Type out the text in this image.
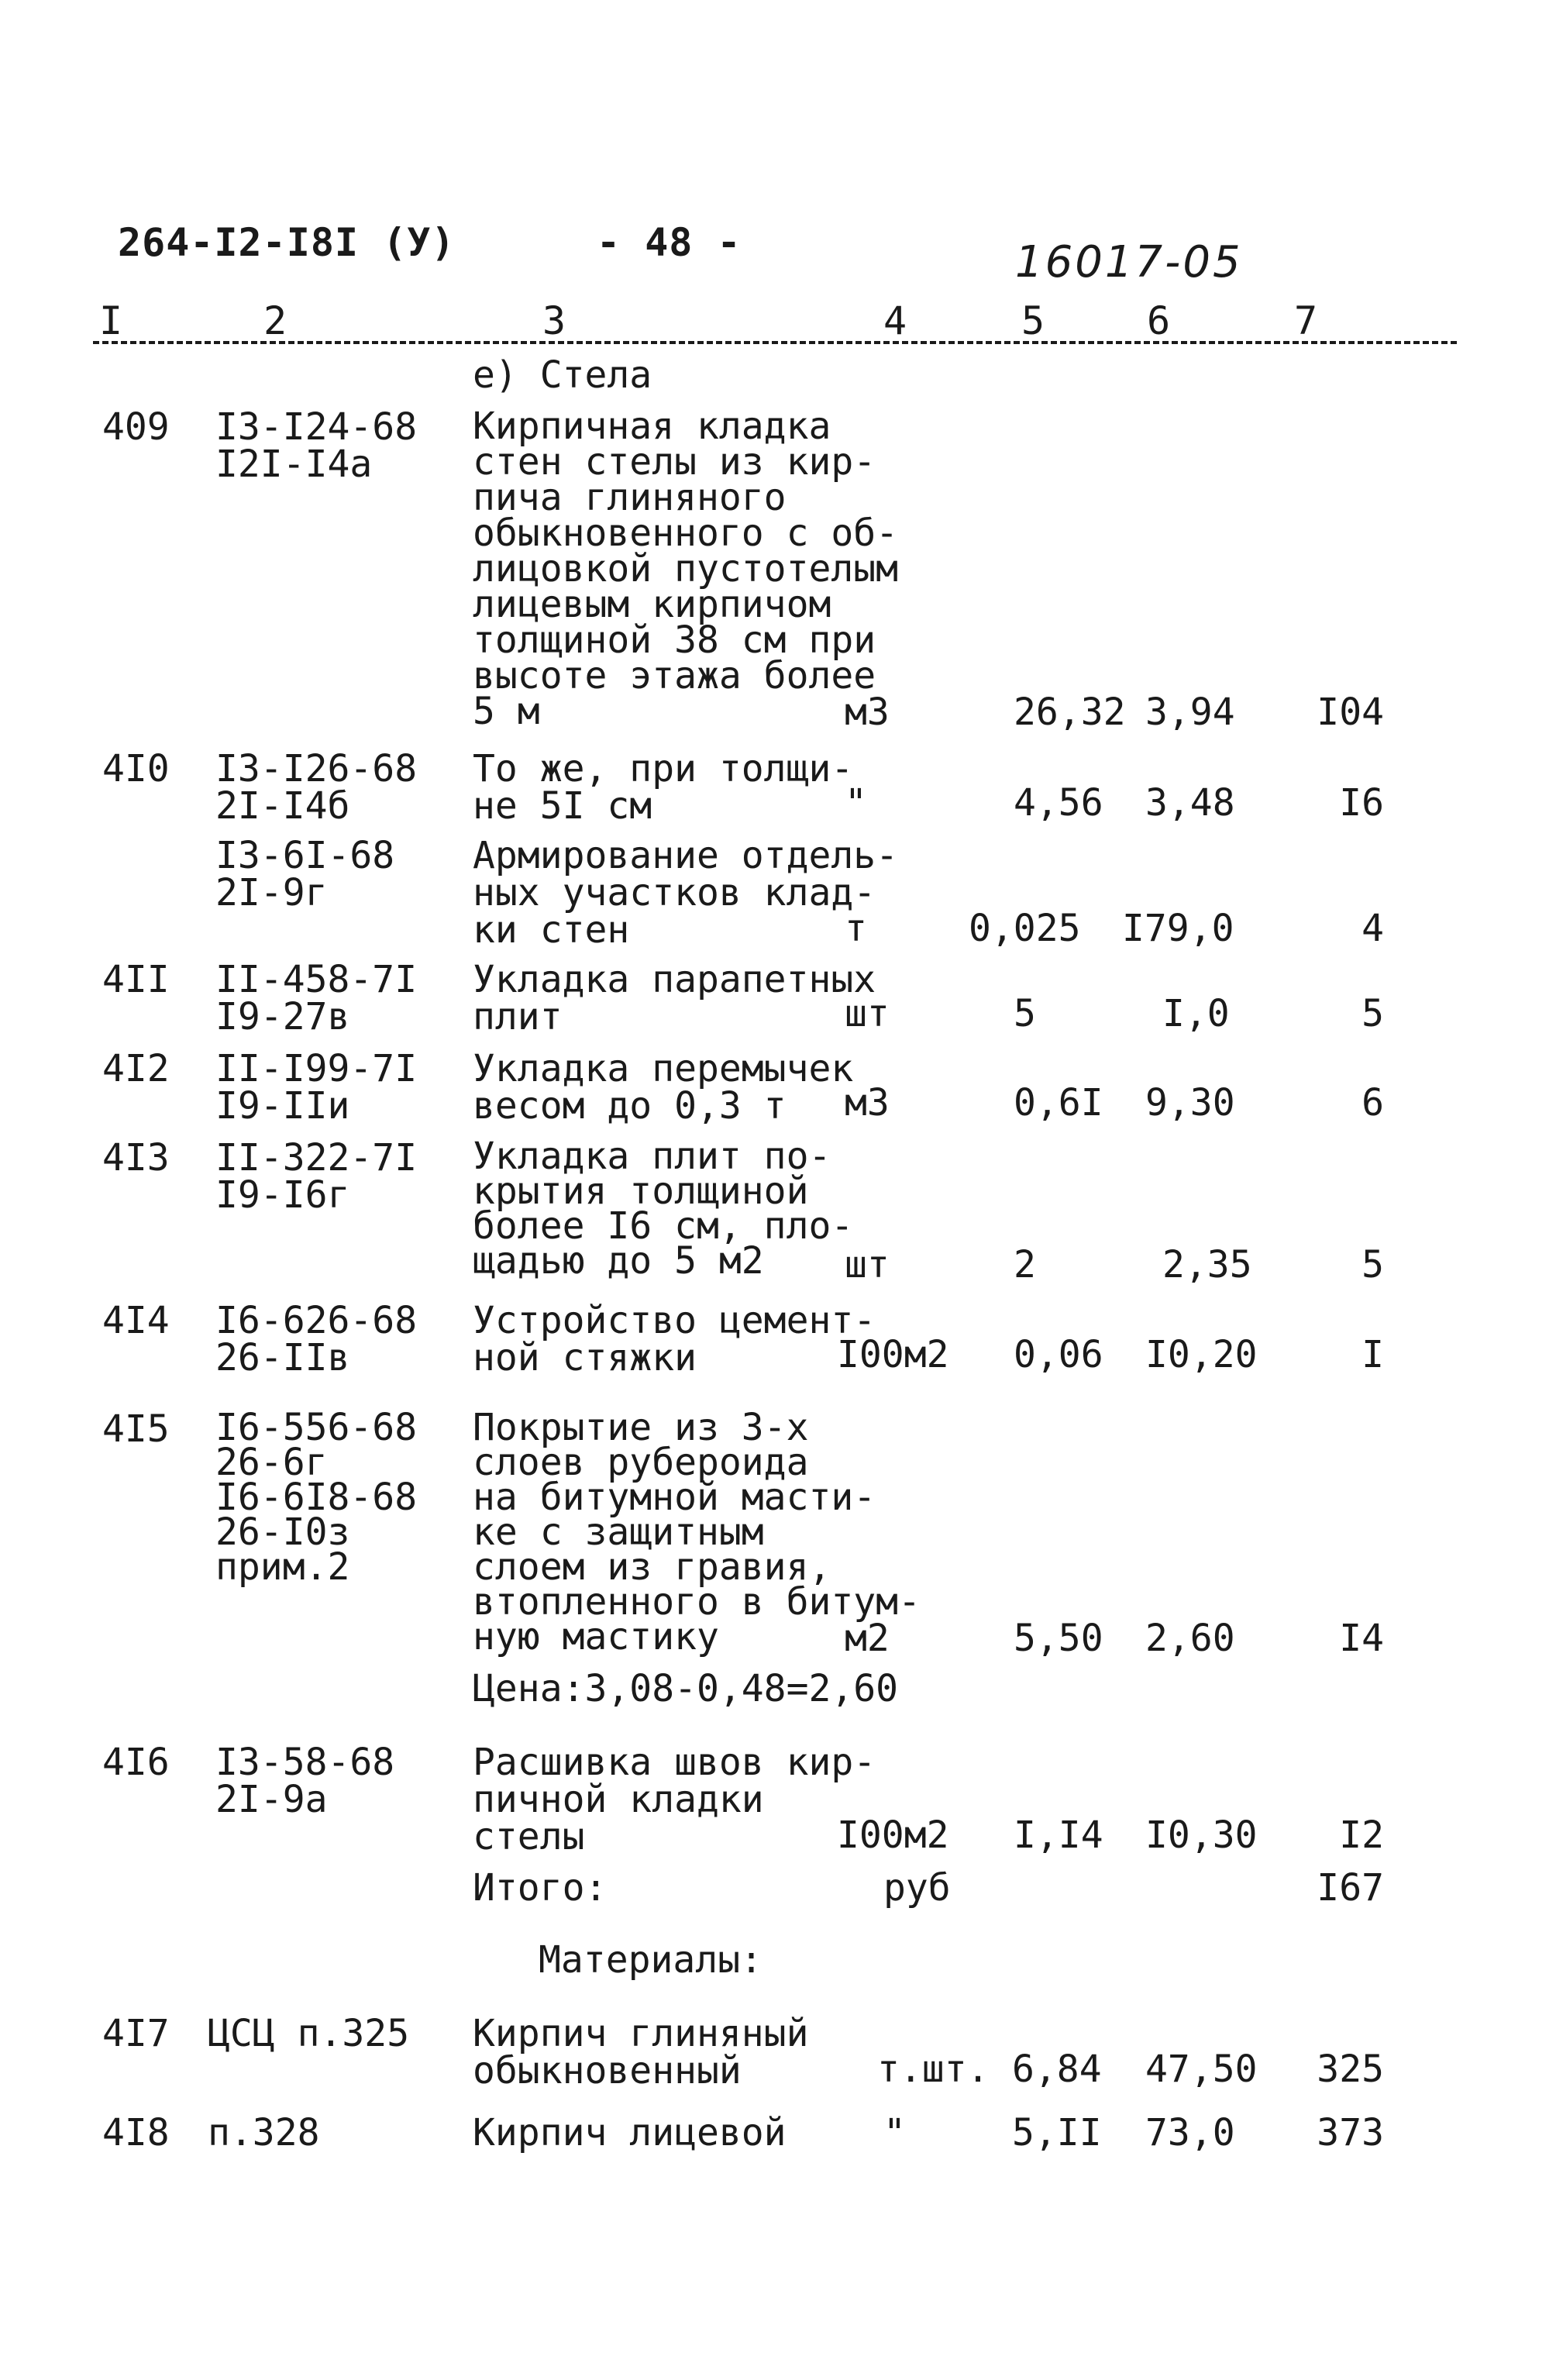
264-I2-I8I (У)	- 48 -	16017-05
I	2	3	4	5	6	7
е) Стела
409 I3-I24-68
I2I-I4a
Кирпичная кладка
стен стелы из кир-
пича глиняного
обыкновенного с об-
лицовкой пустотелым
лицевым кирпичом
толщиной 38 см при
высоте этажа более
5 м	м3	26,32 3,94 I04
4I0 I3-I26-68
2I-I4б
То же, при толщи-
не 5I см	"	4,56 3,48	I6
I3-6I-68
2I-9г
Армирование отдель-
ных участков клад-
ки стен	т	0,025 I79,0	4
4II II-458-7I
I9-27в
Укладка парапетных
плит	шт	5	I,0	5
4I2 II-I99-7I
I9-IIи
Укладка перемычек
весом до 0,3 т	м3	0,6I 9,30	6
4I3 II-322-7I
I9-I6г
Укладка плит по-
крытия толщиной
более I6 см, пло-
щадью до 5 м2	шт	2	2,35	5
4I4 I6-626-68
26-IIв
Устройство цемент-
ной стяжки	I00м2 0,06 I0,20	I
4I5 I6-556-68
26-6г
I6-6I8-68
26-I0з
прим.2
Покрытие из 3-х
слоев рубероида
на битумной масти-
ке с защитным
слоем из гравия,
втопленного в битум-
ную мастику	м2	5,50 2,60	I4
Цена:3,08-0,48=2,60
4I6 I3-58-68
2I-9а
Расшивка швов кир-
пичной кладки
стелы	I00м2 I,I4 I0,30 I2
Итого:	руб	I67
Материалы:
4I7 ЦСЦ п.325 Кирпич глиняный
обыкновенный	т.шт. 6,84 47,50 325
4I8 п.328	Кирпич лицевой	"	5,II 73,0 373
